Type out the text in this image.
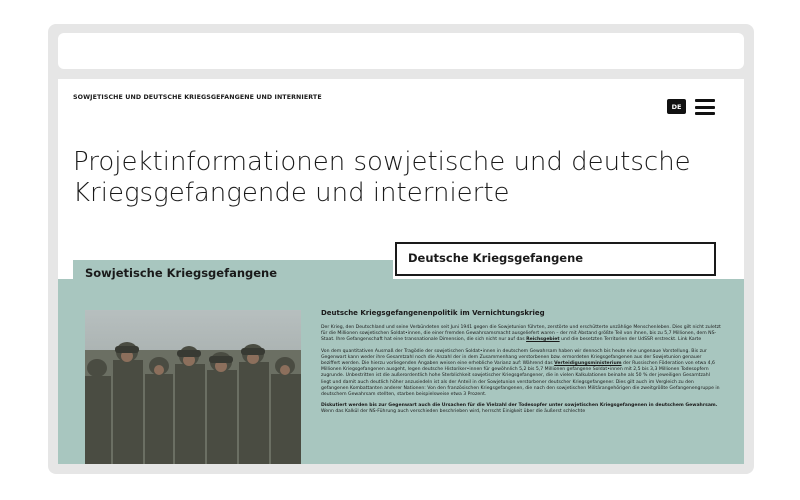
SOWJETISCHE UND DEUTSCHE KRIEGSGEFANGENE UND INTERNIERTE
DE
Projektinformationen sowjetische und deutsche Kriegsgefangende und internierte
Deutsche Kriegsgefangenenpolitik im Vernichtungskrieg

Der Krieg, den Deutschland und seine Verbündeten seit Juni 1941 gegen die Sowjetunion führten, zerstörte und erschütterte unzählige Menschenleben. Dies gilt nicht zuletzt für die Millionen sowjetischen Soldat•innen, die einer fremden Gewahrsamsmacht ausgeliefert waren – der mit Abstand größte Teil von ihnen, bis zu 5,7 Millionen, dem NS-Staat. Ihre Gefangenschaft hat eine transnationale Dimension, die sich nicht nur auf das Reichsgebiet und die besetzten Territorien der UdSSR erstreckt. Link Karte

Von dem quantitativen Ausmaß der Tragödie der sowjetischen Soldat•innen in deutschem Gewahrsam haben wir dennoch bis heute eine ungenaue Vorstellung. Bis zur Gegenwart kann weder ihre Gesamtzahl noch die Anzahl der in dem Zusammenhang verstorbenen bzw. ermordeten Kriegsgefangenen aus der Sowjetunion genauer beziffert werden. Die hierzu vorliegenden Angaben weisen eine erhebliche Varianz auf: Während das Verteidigungsministerium der Russischen Föderation von etwa 4,6 Millionen Kriegsgefangenen ausgeht, legen deutsche Historiker•innen für gewöhnlich 5,2 bis 5,7 Millionen gefangene Soldat•innen mit 2,5 bis 3,3 Millionen Todesopfern zugrunde. Unbestritten ist die außerordentlich hohe Sterblichkeit sowjetischer Kriegsgefangener, die in vielen Kalkulationen beinahe als 50 % der jeweiligen Gesamtzahl liegt und damit auch deutlich höher anzusiedeln ist als der Anteil in der Sowjetunion verstorbener deutscher Kriegsgefangener. Dies gilt auch im Vergleich zu den gefangenen Kombattanten anderer Nationen: Von den französischen Kriegsgefangenen, die nach den sowjetischen Militärangehörigen die zweitgrößte Gefangenengruppe in deutschem Gewahrsam stellten, starben beispielsweise etwa 3 Prozent.

Diskutiert werden bis zur Gegenwart auch die Ursachen für die Vielzahl der Todesopfer unter sowjetischen Kriegsgefangenen in deutschem Gewahrsam. Wenn das Kalkül der NS-Führung auch verschieden beschrieben wird, herrscht Einigkeit über die äußerst schlechte

Sowjetische Kriegsgefangene
Deutsche Kriegsgefangene
